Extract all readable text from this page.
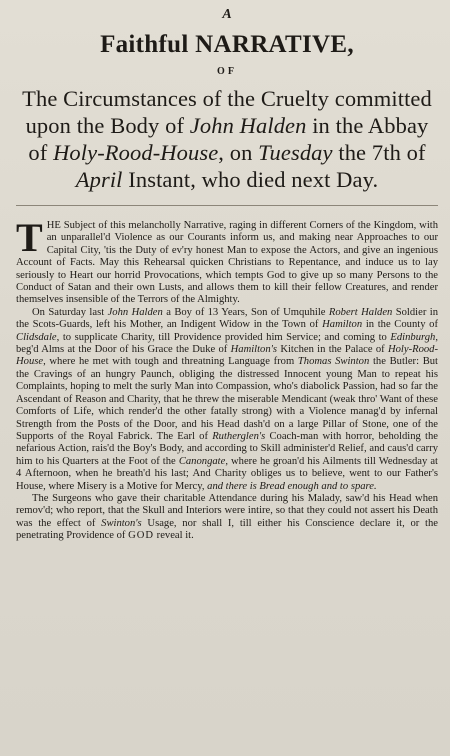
A
Faithful NARRATIVE,
OF
The Circumstances of the Cruelty committed upon the Body of John Halden in the Abbay of Holy-Rood-House, on Tuesday the 7th of April Instant, who died next Day.

THE Subject of this melancholly Narrative, raging in different Corners of the Kingdom, with an unparallel'd Violence as our Courants inform us, and making near Approaches to our Capital City, 'tis the Duty of ev'ry honest Man to expose the Actors, and give an ingenious Account of Facts. May this Rehearsal quicken Christians to Repentance, and induce us to lay seriously to Heart our horrid Provocations, which tempts God to give up so many Persons to the Conduct of Satan and their own Lusts, and allows them to kill their fellow Creatures, and render themselves insensible of the Terrors of the Almighty.

On Saturday last John Halden a Boy of 13 Years, Son of Umquhile Robert Halden Soldier in the Scots-Guards, left his Mother, an Indigent Widow in the Town of Hamilton in the County of Clidsdale, to supplicate Charity, till Providence provided him Service; and coming to Edinburgh, beg'd Alms at the Door of his Grace the Duke of Hamilton's Kitchen in the Palace of Holy-Rood-House, where he met with tough and threatning Language from Thomas Swinton the Butler: But the Cravings of an hungry Paunch, obliging the distressed Innocent young Man to repeat his Complaints, hoping to melt the surly Man into Compassion, who's diabolick Passion, had so far the Ascendant of Reason and Charity, that he threw the miserable Mendicant (weak thro' Want of these Comforts of Life, which render'd the other fatally strong) with a Violence manag'd by infernal Strength from the Posts of the Door, and his Head dash'd on a large Pillar of Stone, one of the Supports of the Royal Fabrick. The Earl of Rutherglen's Coach-man with horror, beholding the nefarious Action, rais'd the Boy's Body, and according to Skill administer'd Relief, and caus'd carry him to his Quarters at the Foot of the Canongate, where he groan'd his Ailments till Wednesday at 4 Afternoon, when he breath'd his last; And Charity obliges us to believe, went to our Father's House, where Misery is a Motive for Mercy, and there is Bread enough and to spare.

The Surgeons who gave their charitable Attendance during his Malady, saw'd his Head when remov'd; who report, that the Skull and Interiors were intire, so that they could not assert his Death was the effect of Swinton's Usage, nor shall I, till either his Conscience declare it, or the penetrating Providence of GOD reveal it.
